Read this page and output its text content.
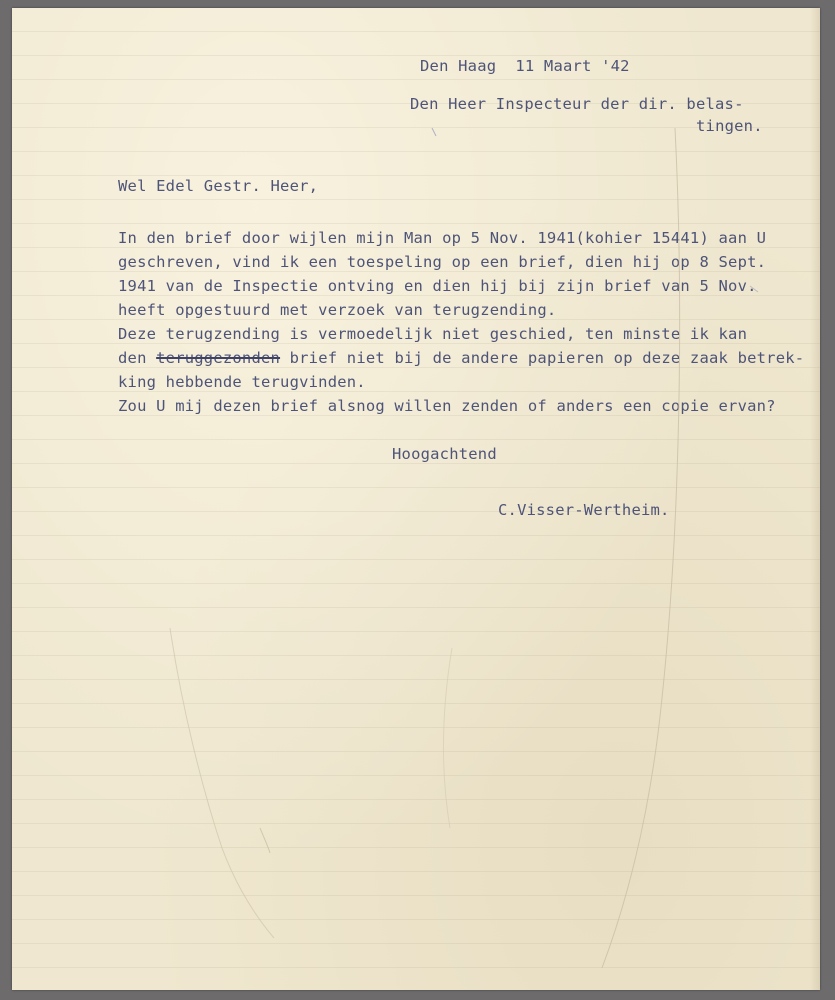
Den Haag  11 Maart '42

Den Heer Inspecteur der dir. belas-

tingen.

Wel Edel Gestr. Heer,

In den brief door wijlen mijn Man op 5 Nov. 1941(kohier 15441) aan U
geschreven, vind ik een toespeling op een brief, dien hij op 8 Sept.
1941 van de Inspectie ontving en dien hij bij zijn brief van 5 Nov.
heeft opgestuurd met verzoek van terugzending.
Deze terugzending is vermoedelijk niet geschied, ten minste ik kan
den teruggezonden brief niet bij de andere papieren op deze zaak betrek-
king hebbende terugvinden.
Zou U mij dezen brief alsnog willen zenden of anders een copie ervan?

Hoogachtend

C.Visser-Wertheim.
